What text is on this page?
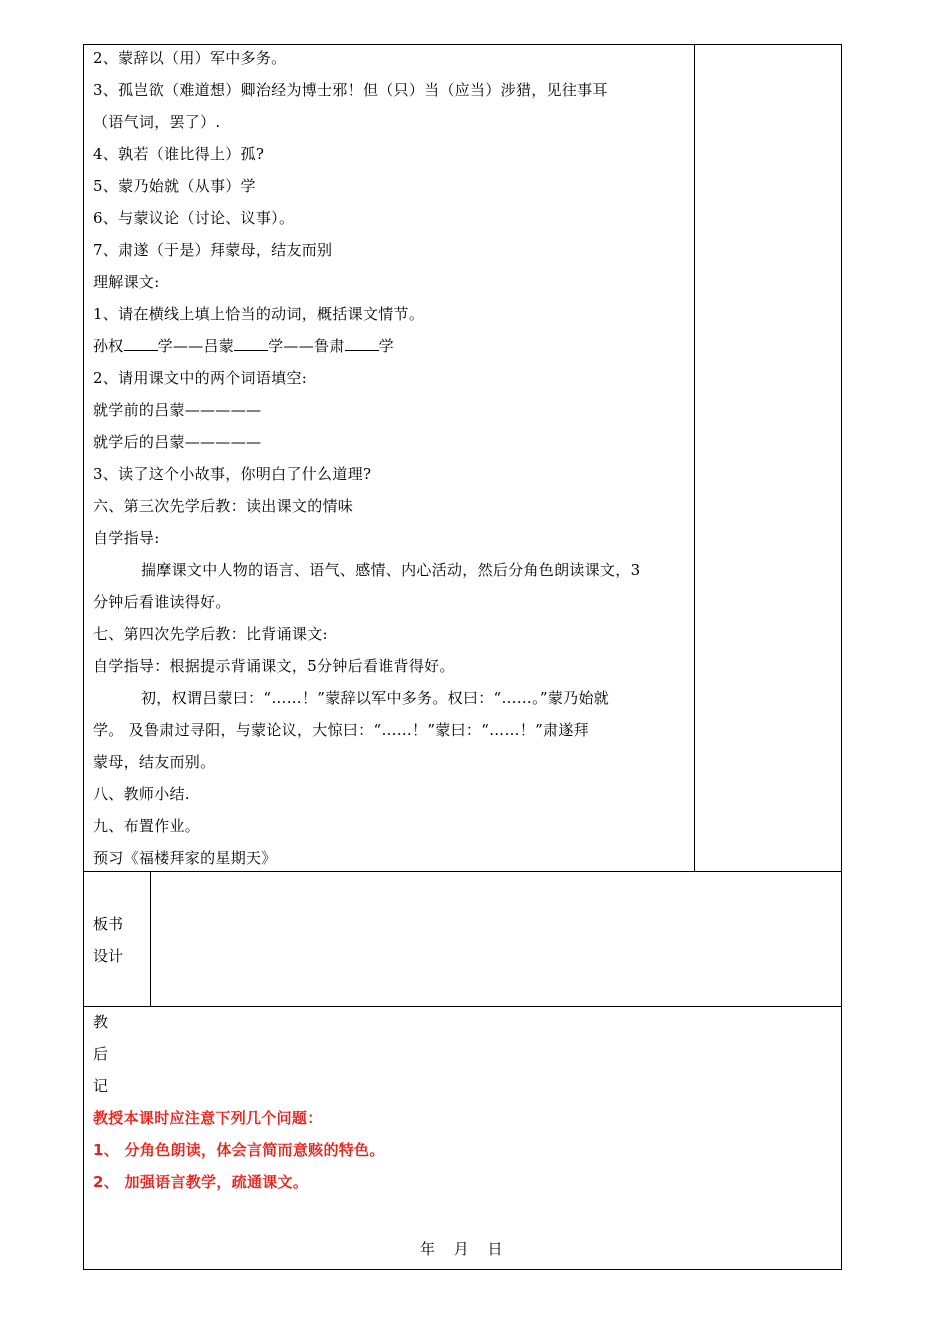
2、蒙辞以（用）军中多务。
3、孤岂欲（难道想）卿治经为博士邪！但（只）当（应当）涉猎，见往事耳
（语气词，罢了）.
4、孰若（谁比得上）孤?
5、蒙乃始就（从事）学
6、与蒙议论（讨论、议事）。
7、肃遂（于是）拜蒙母，结友而别
理解课文:
1、请在横线上填上恰当的动词，概括课文情节。
孙权 学——吕蒙 学——鲁肃 学
2、请用课文中的两个词语填空:
就学前的吕蒙—————
就学后的吕蒙—————
3、读了这个小故事，你明白了什么道理?
六、第三次先学后教：读出课文的情味
自学指导:
揣摩课文中人物的语言、语气、感情、内心活动，然后分角色朗读课文，3
分钟后看谁读得好。
七、第四次先学后教：比背诵课文:
自学指导：根据提示背诵课文，5分钟后看谁背得好。
初，权谓吕蒙曰：“……！”蒙辞以军中多务。权曰：“……。”蒙乃始就
学。 及鲁肃过寻阳，与蒙论议，大惊曰：“……！”蒙曰：“……！”肃遂拜
蒙母，结友而别。
八、教师小结.
九、布置作业。
预习《福楼拜家的星期天》
板书
设计
教
后
记
教授本课时应注意下列几个问题：
1、 分角色朗读，体会言简而意赅的特色。
2、 加强语言教学，疏通课文。
年 月 日
